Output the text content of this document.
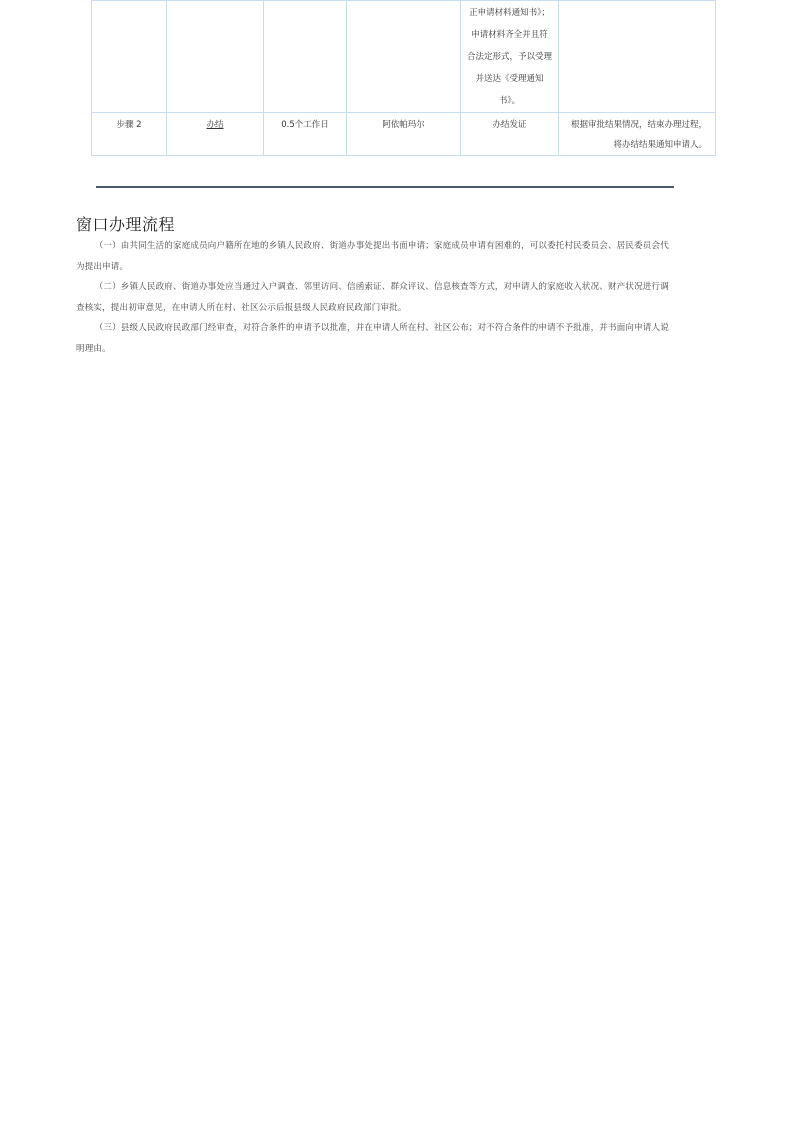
				正申请材料通知书》；
申请材料齐全并且符
合法定形式，予以受理
并送达《受理通知
书》。	

步骤 2	办结	0.5个工作日	阿依帕玛尔	办结发证	根据审批结果情况，结束办理过程，
将办结结果通知申请人。
窗口办理流程

（一）由共同生活的家庭成员向户籍所在地的乡镇人民政府、街道办事处提出书面申请；家庭成员申请有困难的，可以委托村民委员会、居民委员会代为提出申请。

（二）乡镇人民政府、街道办事处应当通过入户调查、邻里访问、信函索证、群众评议、信息核查等方式，对申请人的家庭收入状况、财产状况进行调查核实，提出初审意见，在申请人所在村、社区公示后报县级人民政府民政部门审批。

（三）县级人民政府民政部门经审查，对符合条件的申请予以批准，并在申请人所在村、社区公布；对不符合条件的申请不予批准，并书面向申请人说明理由。
